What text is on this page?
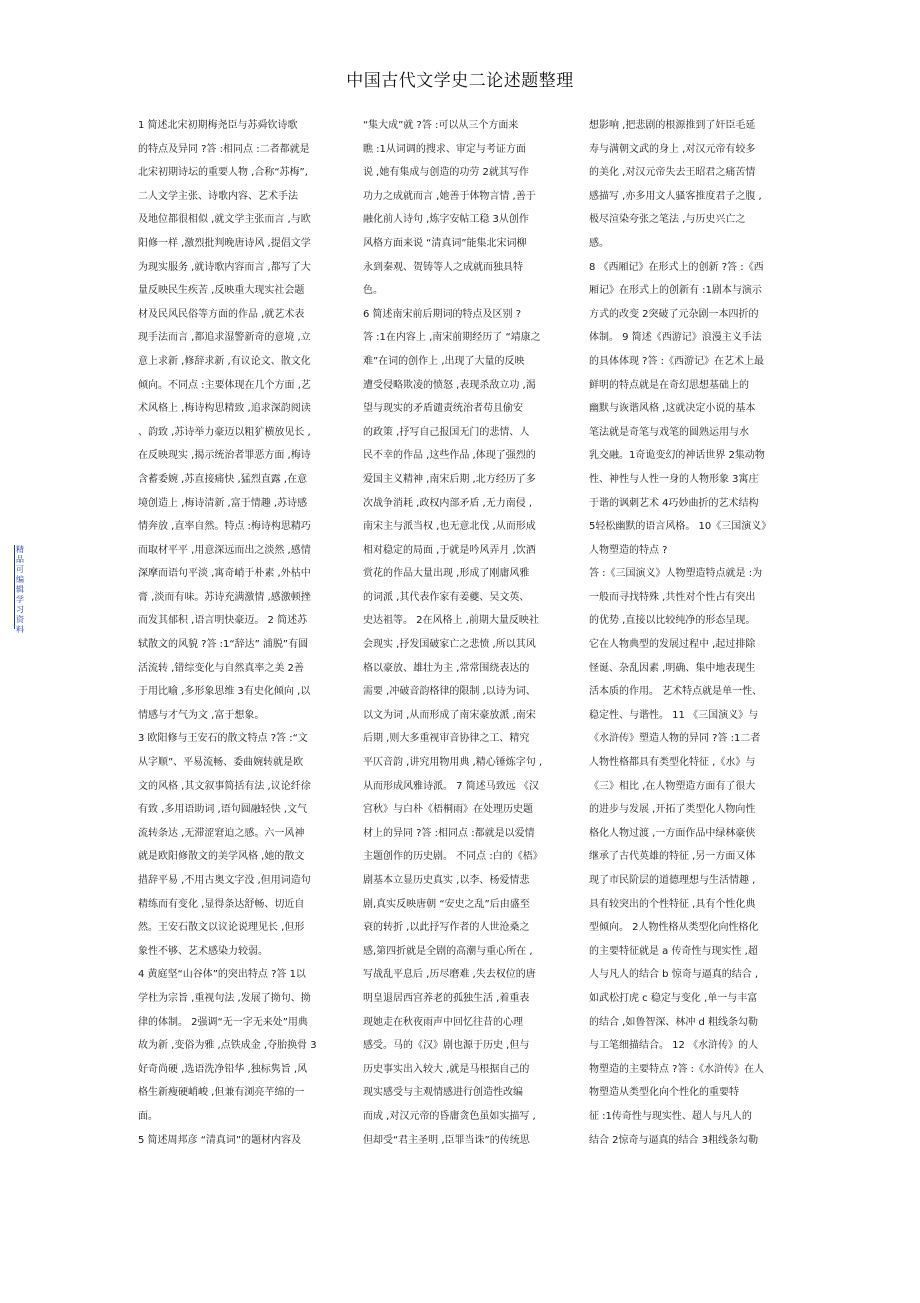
中国古代文学史二论述题整理
精
品
可
编
辑
学
习
资
料
1 简述北宋初期梅尧臣与苏舜钦诗歌
的特点及异同 ?答 :相同点 :二者都就是
北宋初期诗坛的重要人物 ,合称“苏梅”,
二人文学主张、诗歌内容、艺术手法
及地位都很相似 ,就文学主张而言 ,与欧
阳修一样 ,激烈批判晚唐诗风 ,提倡文学
为现实服务 ,就诗歌内容而言 ,都写了大
量反映民生疾苦 ,反映重大现实社会题
材及民风民俗等方面的作品 ,就艺术表
现手法而言 ,都追求湿警新奇的意境 ,立
意上求新 ,修辞求新 ,有议论文、散文化
倾向。不同点 :主要体现在几个方面 ,艺
术风格上 ,梅诗构思精致 ,追求深韵阅读
、韵致 ,苏诗举力豪迈以粗犷横放见长 ,
在反映现实 ,揭示统治者罪恶方面 ,梅诗
含蓄委婉 ,苏直接痛快 ,猛烈直露 ,在意
境创造上 ,梅诗清新 ,富于情趣 ,苏诗感
情奔放 ,直率自然。特点 :梅诗构思精巧
而取材平平 ,用意深远而出之淡然 ,感情
深摩而语句平淡 ,寓奇峭于朴素 ,外枯中
膏 ,淡而有味。苏诗充满激情 ,感激顿挫
而发其郁积 ,语言明快豪迈。 2 简述苏
轼散文的风貌 ?答 :1“辞达” 浦脱”有圆
活流转 ,错综变化与自然真率之美 2善
于用比喻 ,多形象思维 3有史化倾向 ,以
情感与才气为文 ,富于想象。
3 欧阳修与王安石的散文特点 ?答 :“文
从字顺”、平易流畅、委曲婉转就是欧
文的风格 ,其文叙事简括有法 ,议论纤徐
有致 ,多用语助词 ,语句圆融轻快 ,文气
流转条达 ,无滞涩窘迫之感。六一风神
就是欧阳修散文的美学风格 ,她的散文
措辞平易 ,不用古奥文字没 ,但用词造句
精练而有变化 ,显得条达舒畅、切近自
然。王安石散文以议论说理见长 ,但形
象性不够、艺术感染力较弱。
4 黄庭坚“山谷体”的突出特点 ?答 1以
学杜为宗旨 ,重视句法 ,发展了拗句、拗
律的体制。 2强调“无一字无来处”用典
故为新 ,变俗为雅 ,点铁成金 ,夺胎换骨 3
好奇尚硬 ,选语洗净铅华 ,独标隽旨 ,风
格生新瘦硬峭峻 ,但兼有浏亮芊绵的一
面。
5 简述周邦彦 “清真词”的题材内容及
“集大成”就 ?答 :可以从三个方面来
瞧 :1从词调的搜求、审定与考证方面
说 ,她有集成与创造的功劳 2就其写作
功力之成就而言 ,她善于体物言情 ,善于
融化前人诗句 ,炼字安帖工稳 3从创作
风格方面来说 “清真词”能集北宋词柳
永到秦观、贺铸等人之成就而独具特
色。
6 简述南宋前后期词的特点及区别 ?
答 :1在内容上 ,南宋前期经历了 “靖康之
难”在词的创作上 ,出现了大量的反映
遭受侵略欺凌的愤怒 ,表现杀敌立功 ,渴
望与现实的矛盾谴责统治者苟且偷安
的政策 ,抒写自己报国无门的悲情、人
民不幸的作品 ,这些作品 ,体现了强烈的
爱国主义精神 ,南宋后期 ,北方经历了多
次战争消耗 ,政权内部矛盾 ,无力南侵 ,
南宋主与派当权 ,也无意北伐 ,从而形成
相对稳定的局面 ,于就是吟风弄月 ,饮酒
赏花的作品大量出现 ,形成了刚庸风雅
的词派 ,其代表作家有姜夔、吴文英、
史达祖等。 2在风格上 ,前期大量反映社
会现实 ,抒发国破家亡之悲愤 ,所以其风
格以豪放、雄壮为主 ,常常围绕表达的
需要 ,冲破音韵格律的限制 ,以诗为词、
以文为词 ,从而形成了南宋豪放派 ,南宋
后期 ,则大多重视审音协律之工、精究
平仄音韵 ,讲究用物用典 ,精心锤炼字句 ,
从而形成风雅诗派。 7 简述马致远 《汉
宫秋》与白朴《梧桐雨》在处理历史题
材上的异同 ?答 :相同点 :都就是以爱情
主题创作的历史剧。 不同点 :白的《梧》
剧基本立显历史真实 ,以李、杨爱情悲
剧,真实反映唐朝 “安史之乱”后由盛至
衰的转折 ,以此抒写作者的人世沧桑之
感,第四折就是全剧的高潮与重心所在 ,
写战乱平息后 ,历尽磨难 ,失去权位的唐
明皇退居西宫养老的孤独生活 ,着重表
现她走在秋夜雨声中回忆往昔的心理
感受。马的《汉》剧也源于历史 ,但与
历史事实出入较大 ,就是马根据自己的
现实感受与主观情感进行创造性改编
而成 ,对汉元帝的昏庸贪色虽如实描写 ,
但却受“君主圣明 ,臣罪当诛”的传统思
想影响 ,把悲剧的根源推到了奸臣毛延
寿与满朝文武的身上 ,对汉元帝有较多
的美化 ,对汉元帝失去王昭君之痛苦情
感描写 ,亦多用文人骚客推度君子之腹 ,
极尽渲染夸张之笔法 ,与历史兴亡之
感。
8 《西厢记》在形式上的创新 ?答 :《西
厢记》在形式上的创新有 :1剧本与演示
方式的改变 2突破了元杂剧一本四折的
体制。 9 简述《西游记》浪漫主义手法
的具体体现 ?答 :《西游记》在艺术上最
鲜明的特点就是在奇幻思想基础上的
幽默与诙谐风格 ,这就决定小说的基本
笔法就是奇笔与戏笔的圆熟运用与水
乳交融。1奇诡变幻的神话世界 2集动物
性、神性与人性一身的人物形象 3寓庄
于谐的讽刺艺术 4巧妙曲折的艺术结构
5轻松幽默的语言风格。 10《三国演义》
人物塑造的特点 ?
答 :《三国演义》人物塑造特点就是 :为
一般而寻找特殊 ,共性对个性占有突出
的优势 ,直接以比较纯净的形态呈现。
它在人物典型的发展过程中 ,起过排除
怪诞、杂乱因素 ,明确、集中地表现生
活本质的作用。 艺术特点就是单一性、
稳定性、与谐性。 11 《三国演义》与
《水浒传》塑造人物的异同 ?答 :1二者
人物性格都具有类型化特征 ,《水》与
《三》相比 ,在人物塑造方面有了很大
的进步与发展 ,开拓了类型化人物向性
格化人物过渡 ,一方面作品中绿林豪侠
继承了古代英雄的特征 ,另一方面又体
现了市民阶层的道德理想与生活情趣 ,
具有较突出的个性特征 ,具有个性化典
型倾向。 2人物性格从类型化向性格化
的主要特征就是 a 传奇性与现实性 ,超
人与凡人的结合 b 惊奇与逼真的结合 ,
如武松打虎 c 稳定与变化 ,单一与丰富
的结合 ,如鲁智深、林冲 d 粗线条勾勒
与工笔细描结合。 12 《水浒传》的人
物塑造的主要特点 ?答 :《水浒传》在人
物塑造从类型化向个性化的重要特
征 :1传奇性与现实性、超人与凡人的
结合 2惊奇与逼真的结合 3粗线条勾勒
